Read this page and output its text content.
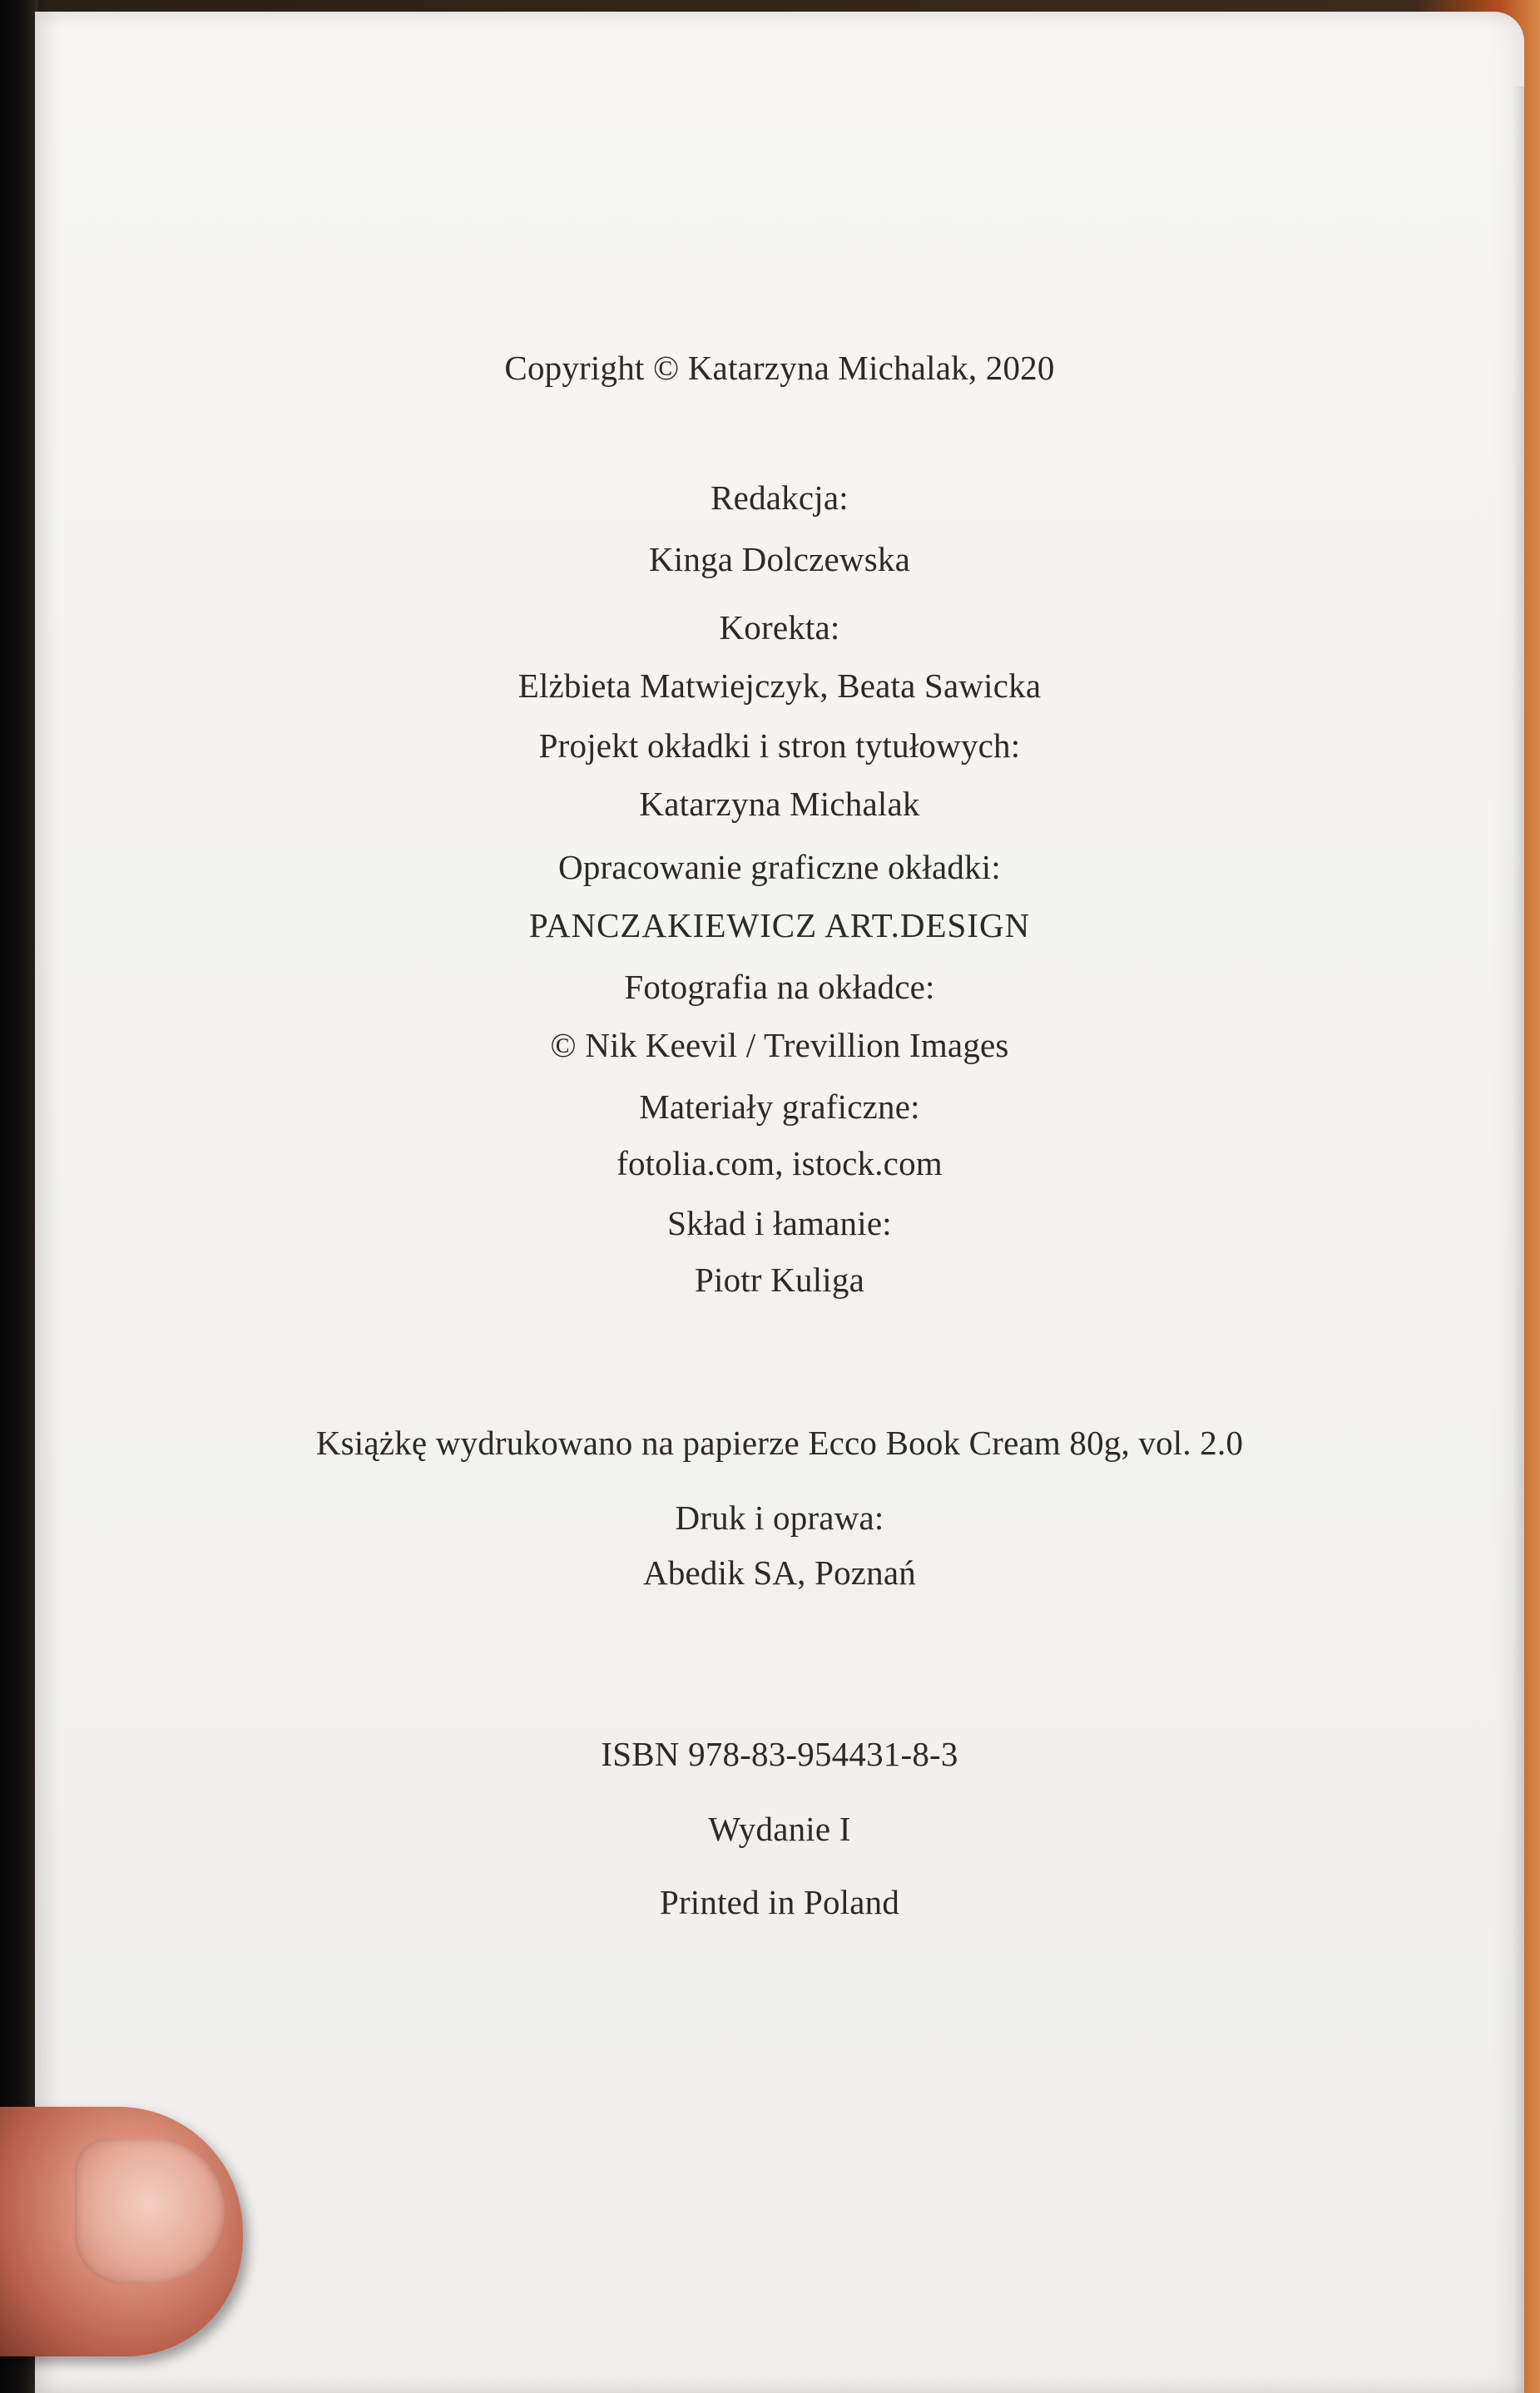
Copyright © Katarzyna Michalak, 2020
Redakcja:
Kinga Dolczewska
Korekta:
Elżbieta Matwiejczyk, Beata Sawicka
Projekt okładki i stron tytułowych:
Katarzyna Michalak
Opracowanie graficzne okładki:
PANCZAKIEWICZ ART.DESIGN
Fotografia na okładce:
© Nik Keevil / Trevillion Images
Materiały graficzne:
fotolia.com, istock.com
Skład i łamanie:
Piotr Kuliga
Książkę wydrukowano na papierze Ecco Book Cream 80g, vol. 2.0
Druk i oprawa:
Abedik SA, Poznań
ISBN 978-83-954431-8-3
Wydanie I
Printed in Poland
